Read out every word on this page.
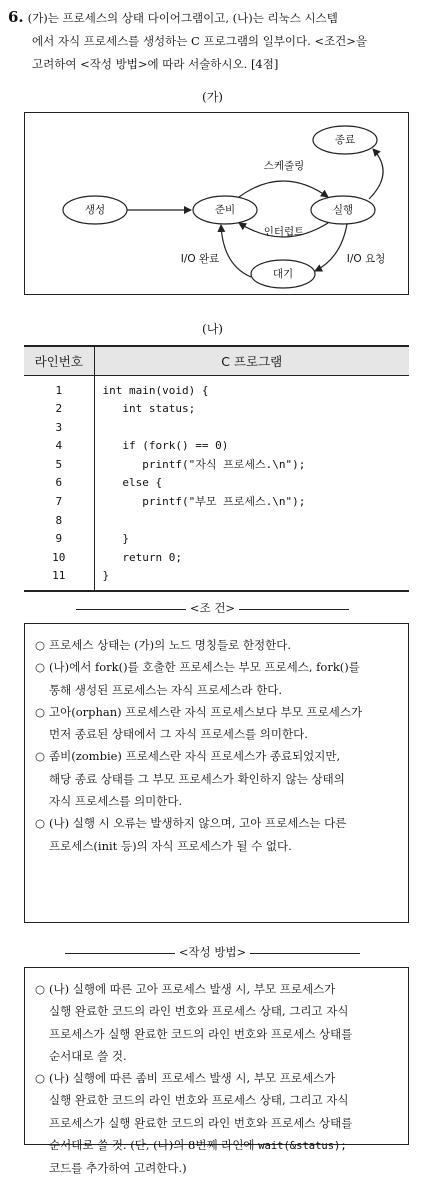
6. (가)는 프로세스의 상태 다이어그램이고, (나)는 리눅스 시스템
에서 자식 프로세스를 생성하는 C 프로그램의 일부이다. <조건>을
고려하여 <작성 방법>에 따라 서술하시오. [4점]
(가)
생성	준비	실행
종료
대기
스케줄링
인터럽트
I/O 요청
I/O 완료
(나)
라인번호	C 프로그램
1	int main(void) {
2	int status;
3	
4	if (fork() == 0)
5	printf("자식 프로세스.\n");
6	else {
7	printf("부모 프로세스.\n");
8	
9	}
10	return 0;
11	}
<조 건>
○ 프로세스 상태는 (가)의 노드 명칭들로 한정한다.
○ (나)에서 fork()를 호출한 프로세스는 부모 프로세스, fork()를
통해 생성된 프로세스는 자식 프로세스라 한다.
○ 고아(orphan) 프로세스란 자식 프로세스보다 부모 프로세스가
먼저 종료된 상태에서 그 자식 프로세스를 의미한다.
○ 좀비(zombie) 프로세스란 자식 프로세스가 종료되었지만,
해당 종료 상태를 그 부모 프로세스가 확인하지 않는 상태의
자식 프로세스를 의미한다.
○ (나) 실행 시 오류는 발생하지 않으며, 고아 프로세스는 다른
프로세스(init 등)의 자식 프로세스가 될 수 없다.
<작성 방법>
○ (나) 실행에 따른 고아 프로세스 발생 시, 부모 프로세스가
실행 완료한 코드의 라인 번호와 프로세스 상태, 그리고 자식
프로세스가 실행 완료한 코드의 라인 번호와 프로세스 상태를
순서대로 쓸 것.
○ (나) 실행에 따른 좀비 프로세스 발생 시, 부모 프로세스가
실행 완료한 코드의 라인 번호와 프로세스 상태, 그리고 자식
프로세스가 실행 완료한 코드의 라인 번호와 프로세스 상태를
순서대로 쓸 것. (단, (나)의 8번째 라인에 wait(&status);
코드를 추가하여 고려한다.)
